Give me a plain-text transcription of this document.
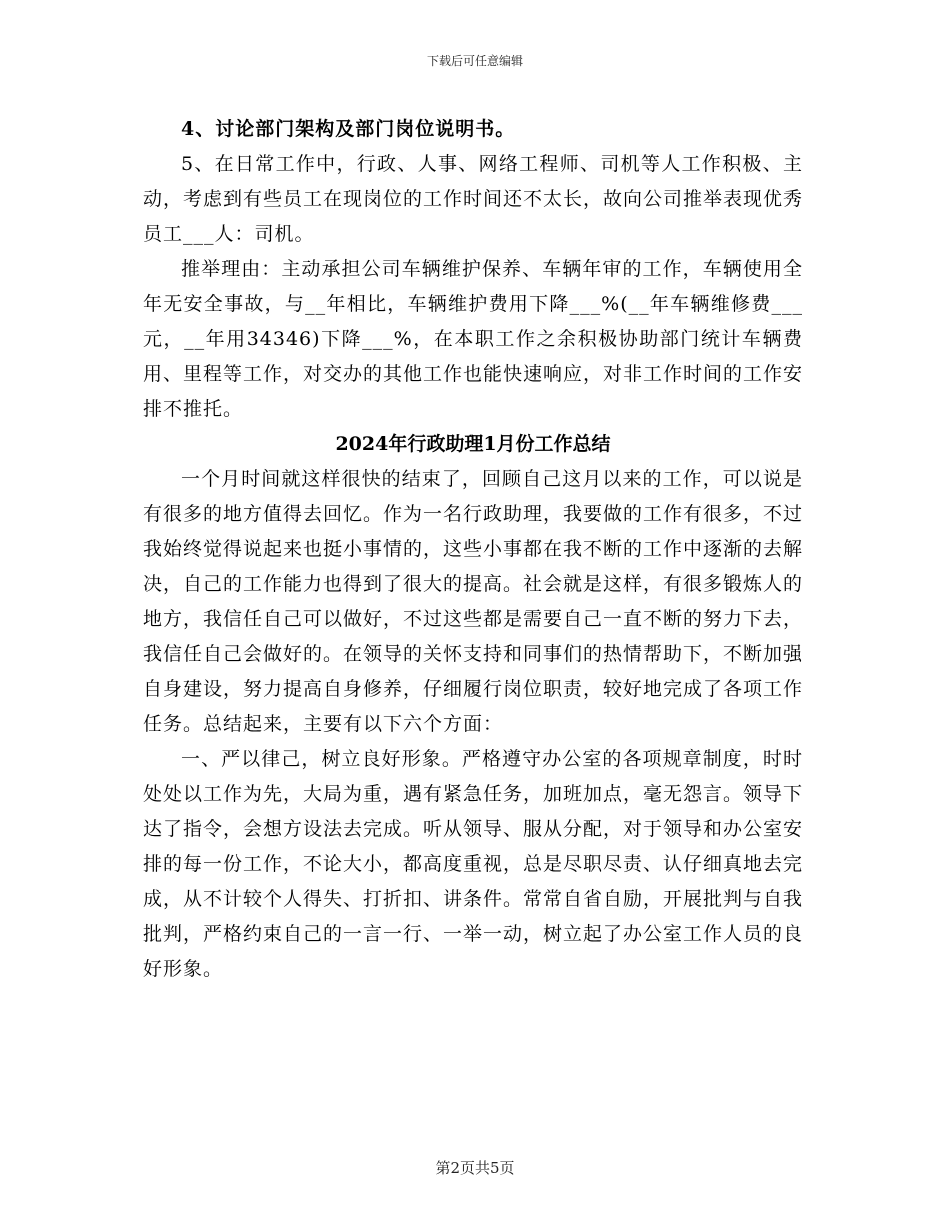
下载后可任意编辑

4、讨论部门架构及部门岗位说明书。

5、在日常工作中，行政、人事、网络工程师、司机等人工作积极、主动，考虑到有些员工在现岗位的工作时间还不太长，故向公司推举表现优秀员工___人：司机。

推举理由：主动承担公司车辆维护保养、车辆年审的工作，车辆使用全年无安全事故，与__年相比，车辆维护费用下降___%(__年车辆维修费___元，__年用34346)下降___%，在本职工作之余积极协助部门统计车辆费用、里程等工作，对交办的其他工作也能快速响应，对非工作时间的工作安排不推托。

2024年行政助理1月份工作总结

一个月时间就这样很快的结束了，回顾自己这月以来的工作，可以说是有很多的地方值得去回忆。作为一名行政助理，我要做的工作有很多，不过我始终觉得说起来也挺小事情的，这些小事都在我不断的工作中逐渐的去解决，自己的工作能力也得到了很大的提高。社会就是这样，有很多锻炼人的地方，我信任自己可以做好，不过这些都是需要自己一直不断的努力下去，我信任自己会做好的。在领导的关怀支持和同事们的热情帮助下，不断加强自身建设，努力提高自身修养，仔细履行岗位职责，较好地完成了各项工作任务。总结起来，主要有以下六个方面：

一、严以律己，树立良好形象。严格遵守办公室的各项规章制度，时时处处以工作为先，大局为重，遇有紧急任务，加班加点，毫无怨言。领导下达了指令，会想方设法去完成。听从领导、服从分配，对于领导和办公室安排的每一份工作，不论大小，都高度重视，总是尽职尽责、认仔细真地去完成，从不计较个人得失、打折扣、讲条件。常常自省自励，开展批判与自我批判，严格约束自己的一言一行、一举一动，树立起了办公室工作人员的良好形象。

第2页共5页
